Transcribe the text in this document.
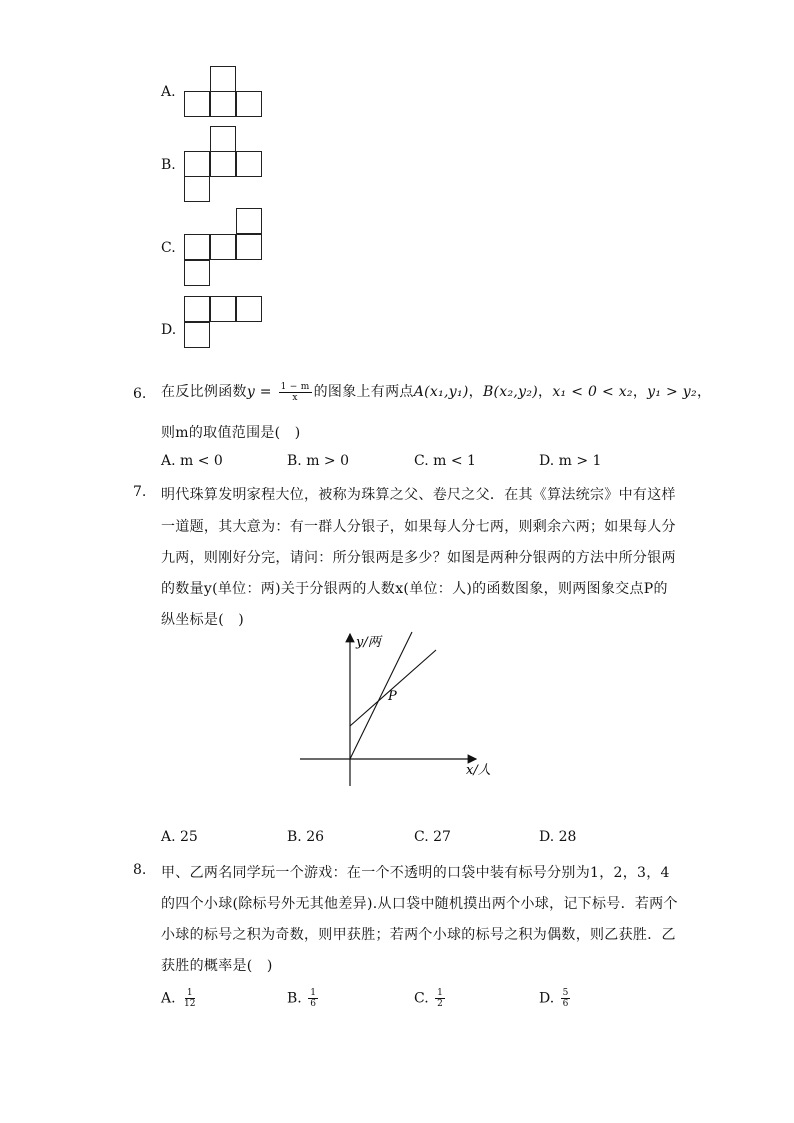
A.
B.
C.
D.
6. 在反比例函数$y = \frac{1 - m}{x}$ 的图象上有两点A(x₁,y₁)，B(x₂,y₂)，x₁ < 0 < x₂，y₁ > y₂，
则m的取值范围是(　)
A. m < 0	B. m > 0	C. m < 1	D. m > 1
7. 明代珠算发明家程大位，被称为珠算之父、卷尺之父．在其《算法统宗》中有这样
一道题，其大意为：有一群人分银子，如果每人分七两，则剩余六两；如果每人分
九两，则刚好分完，请问：所分银两是多少？如图是两种分银两的方法中所分银两
的数量y(单位：两)关于分银两的人数x(单位：人)的函数图象，则两图象交点P的
纵坐标是(　)
y/两
x/人
P
A. 25	B. 26	C. 27	D. 28
8. 甲、乙两名同学玩一个游戏：在一个不透明的口袋中装有标号分别为1，2，3，4
的四个小球(除标号外无其他差异).从口袋中随机摸出两个小球，记下标号．若两个
小球的标号之积为奇数，则甲获胜；若两个小球的标号之积为偶数，则乙获胜．乙
获胜的概率是(　)
A. $\frac{1}{12}$	B. $\frac{1}{6}$	C. $\frac{1}{2}$	D. $\frac{5}{6}$
